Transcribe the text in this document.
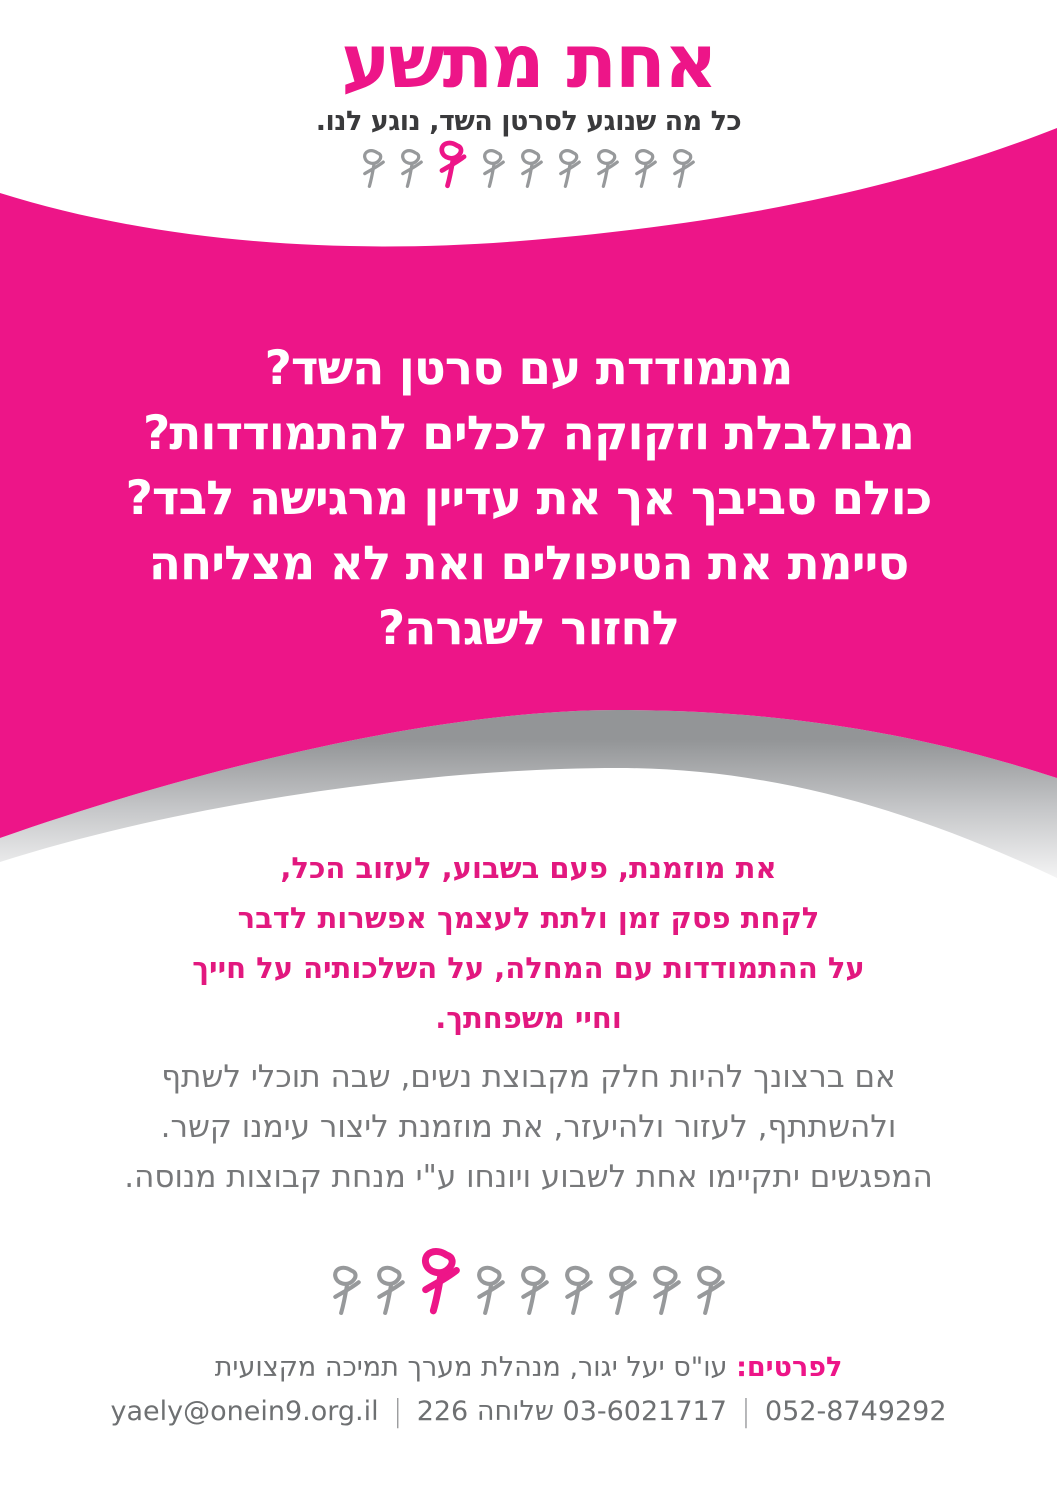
אחת מתשע
כל מה שנוגע לסרטן השד, נוגע לנו.
מתמודדת עם סרטן השד?
מבולבלת וזקוקה לכלים להתמודדות?
כולם סביבך אך את עדיין מרגישה לבד?
סיימת את הטיפולים ואת לא מצליחה
לחזור לשגרה?
את מוזמנת, פעם בשבוע, לעזוב הכל,
לקחת פסק זמן ולתת לעצמך אפשרות לדבר
על ההתמודדות עם המחלה, על השלכותיה על חייך
וחיי משפחתך.
אם ברצונך להיות חלק מקבוצת נשים, שבה תוכלי לשתף
ולהשתתף, לעזור ולהיעזר, את מוזמנת ליצור עימנו קשר.
המפגשים יתקיימו אחת לשבוע ויונחו ע"י מנחת קבוצות מנוסה.
לפרטים: עו"ס יעל יגור, מנהלת מערך תמיכה מקצועית
052-8749292
|
03-6021717 שלוחה 226
|
yaely@onein9.org.il
